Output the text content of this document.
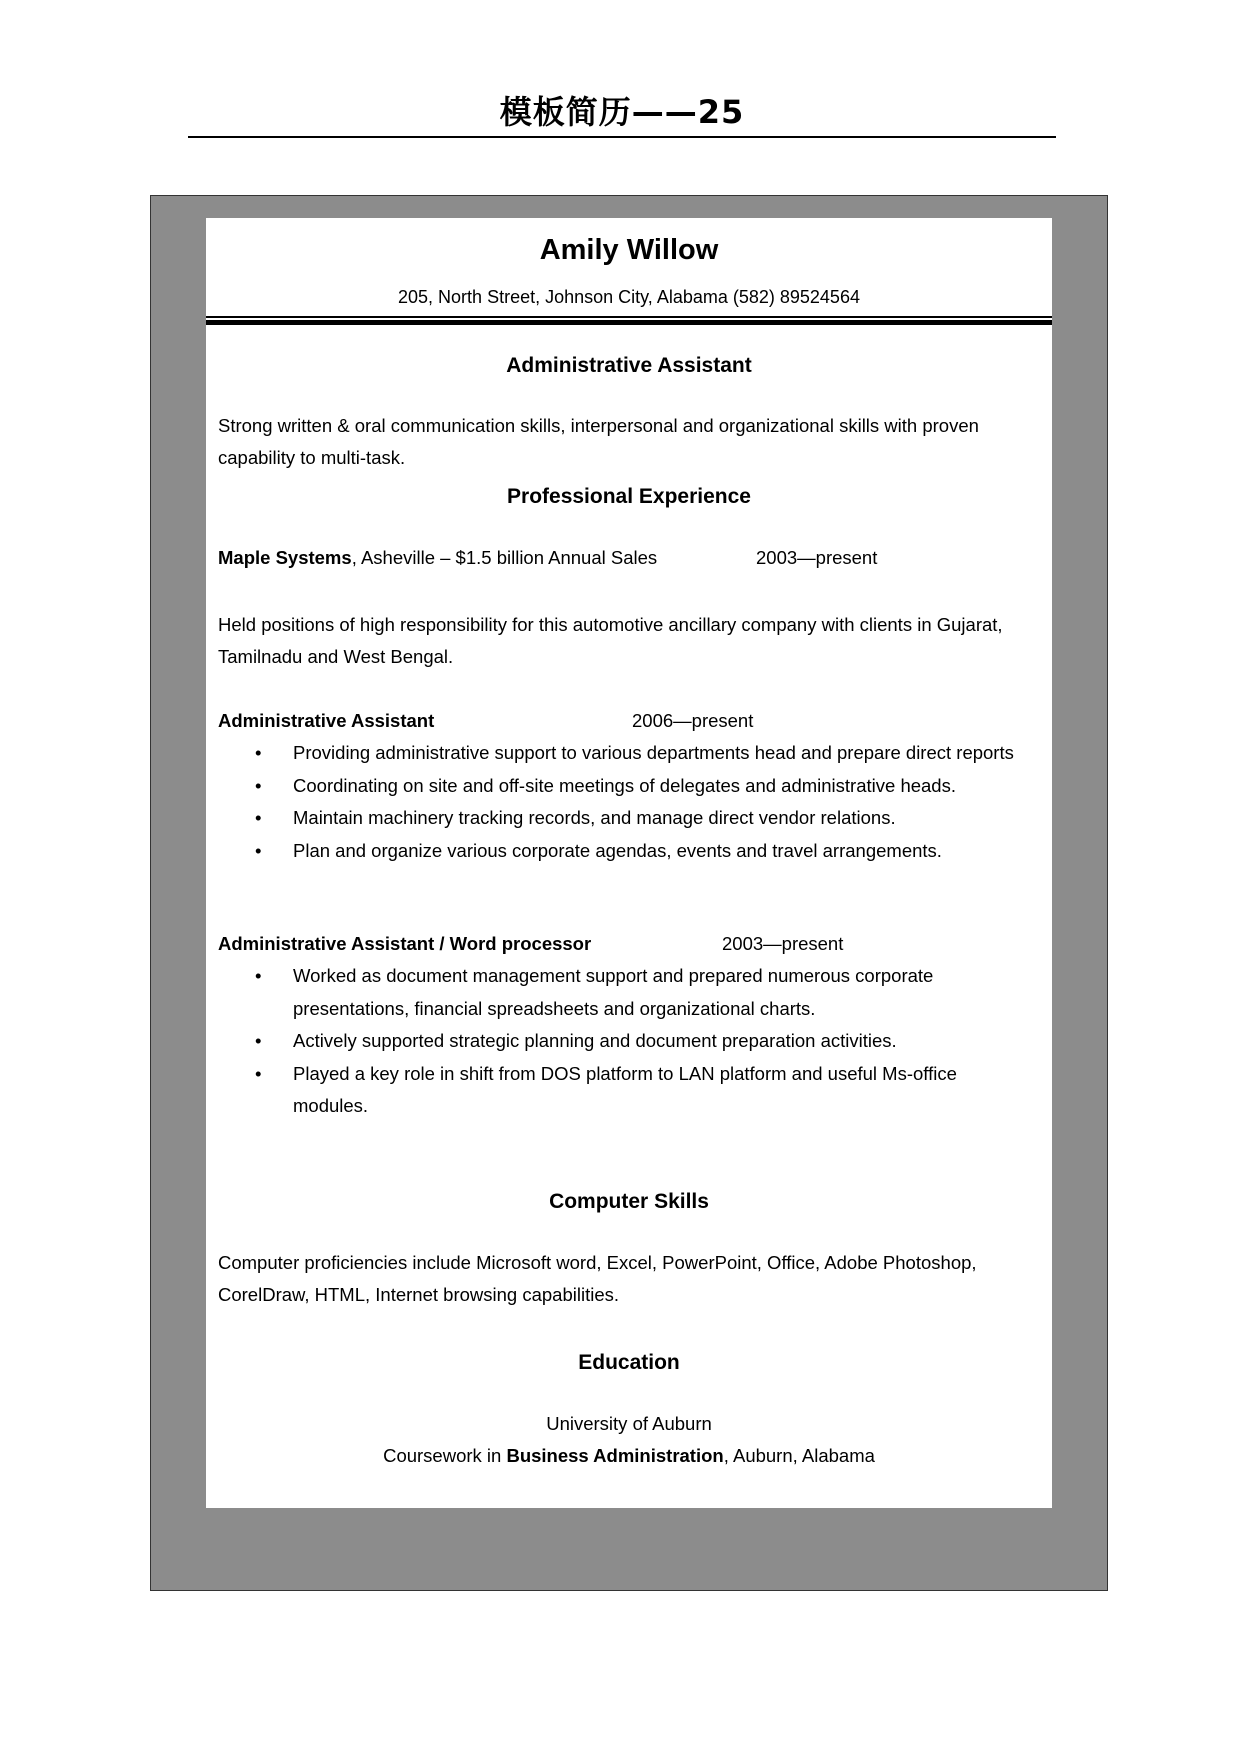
模板简历——25
Amily Willow
205, North Street, Johnson City, Alabama (582) 89524564
Administrative Assistant
Strong written & oral communication skills, interpersonal and organizational skills with proven capability to multi-task.
Professional Experience
Maple Systems, Asheville – $1.5 billion Annual Sales	2003—present
Held positions of high responsibility for this automotive ancillary company with clients in Gujarat, Tamilnadu and West Bengal.
Administrative Assistant	2006—present
• Providing administrative support to various departments head and prepare direct reports
• Coordinating on site and off-site meetings of delegates and administrative heads.
• Maintain machinery tracking records, and manage direct vendor relations.
• Plan and organize various corporate agendas, events and travel arrangements.
Administrative Assistant / Word processor	2003—present
• Worked as document management support and prepared numerous corporate presentations, financial spreadsheets and organizational charts.
• Actively supported strategic planning and document preparation activities.
• Played a key role in shift from DOS platform to LAN platform and useful Ms-office modules.
Computer Skills
Computer proficiencies include Microsoft word, Excel, PowerPoint, Office, Adobe Photoshop, CorelDraw, HTML, Internet browsing capabilities.
Education
University of Auburn
Coursework in Business Administration, Auburn, Alabama
